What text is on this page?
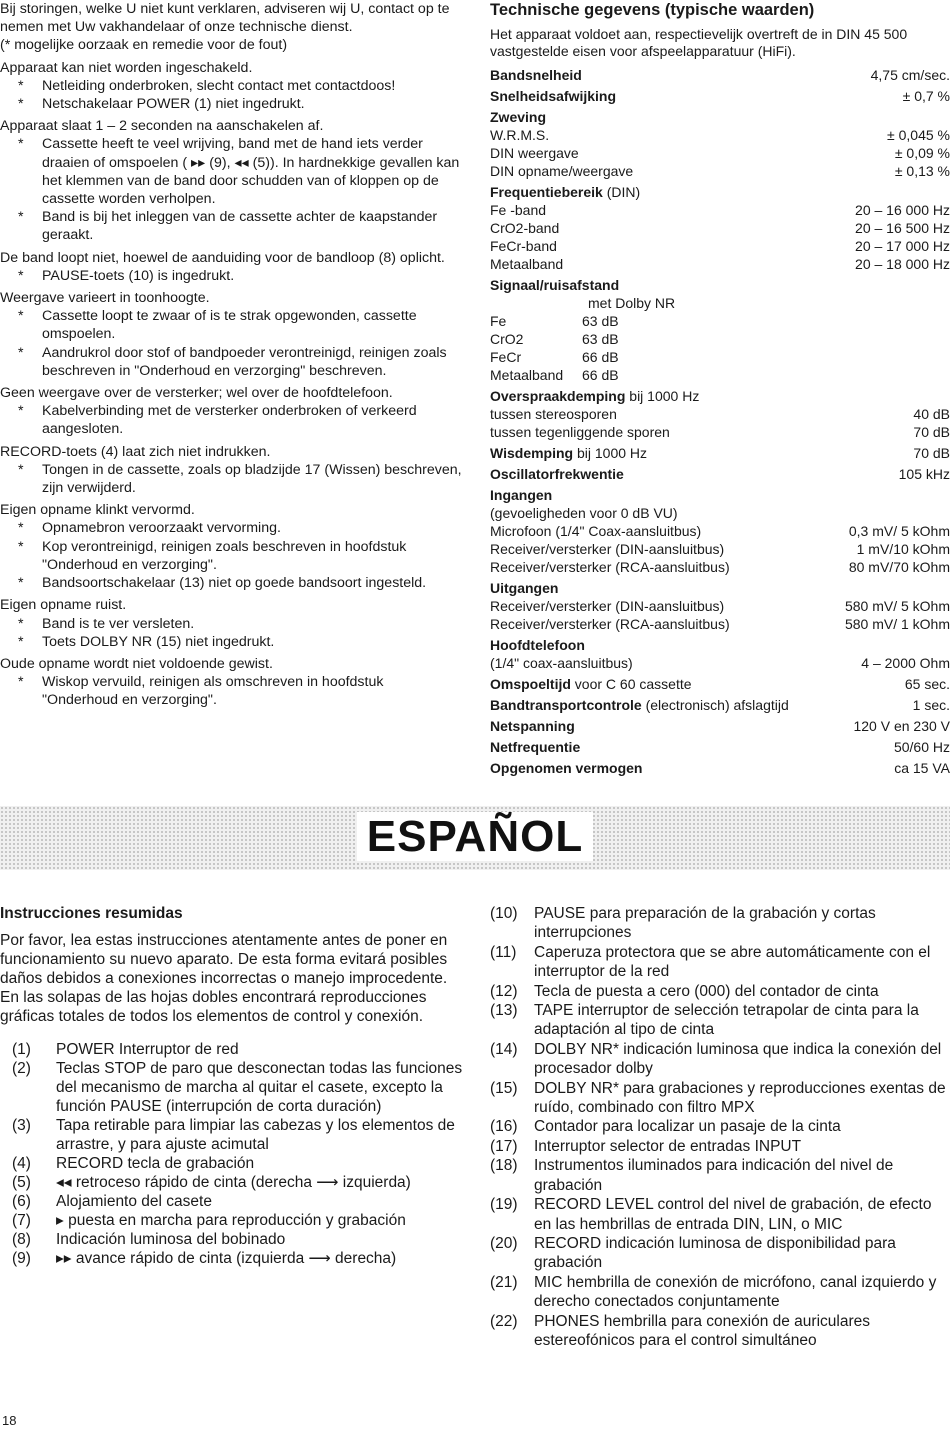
Bij storingen, welke U niet kunt verklaren, adviseren wij U, contact op te nemen met Uw vakhandelaar of onze technische dienst.
(* mogelijke oorzaak en remedie voor de fout)
Apparaat kan niet worden ingeschakeld.
* Netleiding onderbroken, slecht contact met contactdoos!
* Netschakelaar POWER (1) niet ingedrukt.
Apparaat slaat 1 – 2 seconden na aanschakelen af.
* Cassette heeft te veel wrijving, band met de hand iets verder draaien of omspoelen ( ▸▸ (9), ◂◂ (5)). In hardnekkige gevallen kan het klemmen van de band door schudden van of kloppen op de cassette worden verholpen.
* Band is bij het inleggen van de cassette achter de kaapstander geraakt.
De band loopt niet, hoewel de aanduiding voor de bandloop (8) oplicht.
* PAUSE-toets (10) is ingedrukt.
Weergave varieert in toonhoogte.
* Cassette loopt te zwaar of is te strak opgewonden, cassette omspoelen.
* Aandrukrol door stof of bandpoeder verontreinigd, reinigen zoals beschreven in "Onderhoud en verzorging" beschreven.
Geen weergave over de versterker; wel over de hoofdtelefoon.
* Kabelverbinding met de versterker onderbroken of verkeerd aangesloten.
RECORD-toets (4) laat zich niet indrukken.
* Tongen in de cassette, zoals op bladzijde 17 (Wissen) beschreven, zijn verwijderd.
Eigen opname klinkt vervormd.
* Opnamebron veroorzaakt vervorming.
* Kop verontreinigd, reinigen zoals beschreven in hoofdstuk "Onderhoud en verzorging".
* Bandsoortschakelaar (13) niet op goede bandsoort ingesteld.
Eigen opname ruist.
* Band is te ver versleten.
* Toets DOLBY NR (15) niet ingedrukt.
Oude opname wordt niet voldoende gewist.
* Wiskop vervuild, reinigen als omschreven in hoofdstuk "Onderhoud en verzorging".
Technische gegevens (typische waarden)
Het apparaat voldoet aan, respectievelijk overtreft de in DIN 45 500 vastgestelde eisen voor afspeelapparatuur (HiFi).
Bandsnelheid	4,75 cm/sec.
Snelheidsafwijking	± 0,7 %
Zweving
W.R.M.S.	± 0,045 %
DIN weergave	± 0,09 %
DIN opname/weergave	± 0,13 %
Frequentiebereik (DIN)
Fe -band	20 – 16 000 Hz
CrO2-band	20 – 16 500 Hz
FeCr-band	20 – 17 000 Hz
Metaalband	20 – 18 000 Hz
Signaal/ruisafstand
met Dolby NR
Fe	63 dB
CrO2	63 dB
FeCr	66 dB
Metaalband	66 dB
Overspraakdemping bij 1000 Hz
tussen stereosporen	40 dB
tussen tegenliggende sporen	70 dB
Wisdemping bij 1000 Hz	70 dB
Oscillatorfrekwentie	105 kHz
Ingangen
(gevoeligheden voor 0 dB VU)
Microfoon (1/4" Coax-aansluitbus)	0,3 mV/ 5 kOhm
Receiver/versterker (DIN-aansluitbus)	1 mV/10 kOhm
Receiver/versterker (RCA-aansluitbus)	80 mV/70 kOhm
Uitgangen
Receiver/versterker (DIN-aansluitbus)	580 mV/ 5 kOhm
Receiver/versterker (RCA-aansluitbus)	580 mV/ 1 kOhm
Hoofdtelefoon
(1/4" coax-aansluitbus)	4 – 2000 Ohm
Omspoeltijd voor C 60 cassette	65 sec.
Bandtransportcontrole (electronisch) afslagtijd	1 sec.
Netspanning	120 V en 230 V
Netfrequentie	50/60 Hz
Opgenomen vermogen	ca 15 VA
ESPAÑOL
Instrucciones resumidas
Por favor, lea estas instrucciones atentamente antes de poner en funcionamiento su nuevo aparato. De esta forma evitará posibles daños debidos a conexiones incorrectas o manejo improcedente.
En las solapas de las hojas dobles encontrará reproducciones gráficas totales de todos los elementos de control y conexión.
(1)	POWER Interruptor de red
(2)	Teclas STOP de paro que desconectan todas las funciones del mecanismo de marcha al quitar el casete, excepto la función PAUSE (interrupción de corta duración)
(3)	Tapa retirable para limpiar las cabezas y los elementos de arrastre, y para ajuste acimutal
(4)	RECORD tecla de grabación
(5)	◂◂ retroceso rápido de cinta (derecha ⟶ izquierda)
(6)	Alojamiento del casete
(7)	▸ puesta en marcha para reproducción y grabación
(8)	Indicación luminosa del bobinado
(9)	▸▸ avance rápido de cinta (izquierda ⟶ derecha)
(10)	PAUSE para preparación de la grabación y cortas interrupciones
(11)	Caperuza protectora que se abre automáticamente con el interruptor de la red
(12)	Tecla de puesta a cero (000) del contador de cinta
(13)	TAPE interruptor de selección tetrapolar de cinta para la adaptación al tipo de cinta
(14)	DOLBY NR* indicación luminosa que indica la conexión del procesador dolby
(15)	DOLBY NR* para grabaciones y reproducciones exentas de ruído, combinado con filtro MPX
(16)	Contador para localizar un pasaje de la cinta
(17)	Interruptor selector de entradas INPUT
(18)	Instrumentos iluminados para indicación del nivel de grabación
(19)	RECORD LEVEL control del nivel de grabación, de efecto en las hembrillas de entrada DIN, LIN, o MIC
(20)	RECORD indicación luminosa de disponibilidad para grabación
(21)	MIC hembrilla de conexión de micrófono, canal izquierdo y derecho conectados conjuntamente
(22)	PHONES hembrilla para conexión de auriculares estereofónicos para el control simultáneo
18
